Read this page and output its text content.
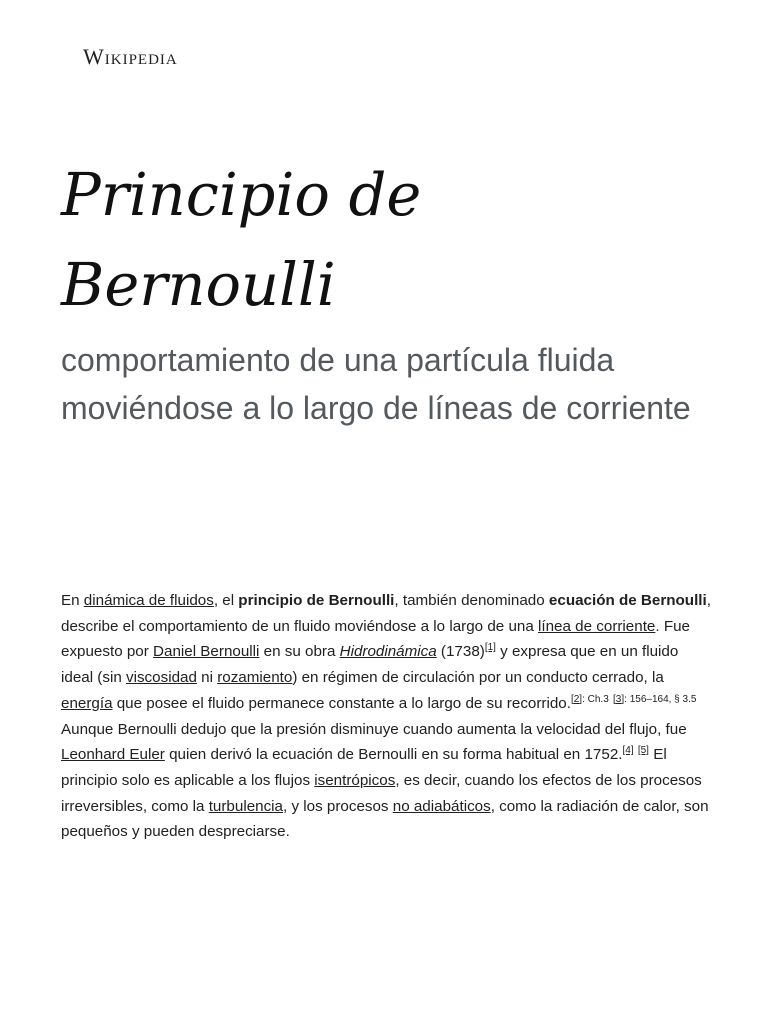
Wikipedia
Principio de
Bernoulli
comportamiento de una partícula fluida moviéndose a lo largo de líneas de corriente

En dinámica de fluidos, el principio de Bernoulli, también denominado ecuación de Bernoulli, describe el comportamiento de un fluido moviéndose a lo largo de una línea de corriente. Fue expuesto por Daniel Bernoulli en su obra Hidrodinámica (1738)[1] y expresa que en un fluido ideal (sin viscosidad ni rozamiento) en régimen de circulación por un conducto cerrado, la energía que posee el fluido permanece constante a lo largo de su recorrido.$^{[2]: Ch.3}$ $^{[3]: 156-164, \S 3.5}$ Aunque Bernoulli dedujo que la presión disminuye cuando aumenta la velocidad del flujo, fue Leonhard Euler quien derivó la ecuación de Bernoulli en su forma habitual en 1752.[4] [5] El principio solo es aplicable a los flujos isentrópicos, es decir, cuando los efectos de los procesos irreversibles, como la turbulencia, y los procesos no adiabáticos, como la radiación de calor, son pequeños y pueden despreciarse.
